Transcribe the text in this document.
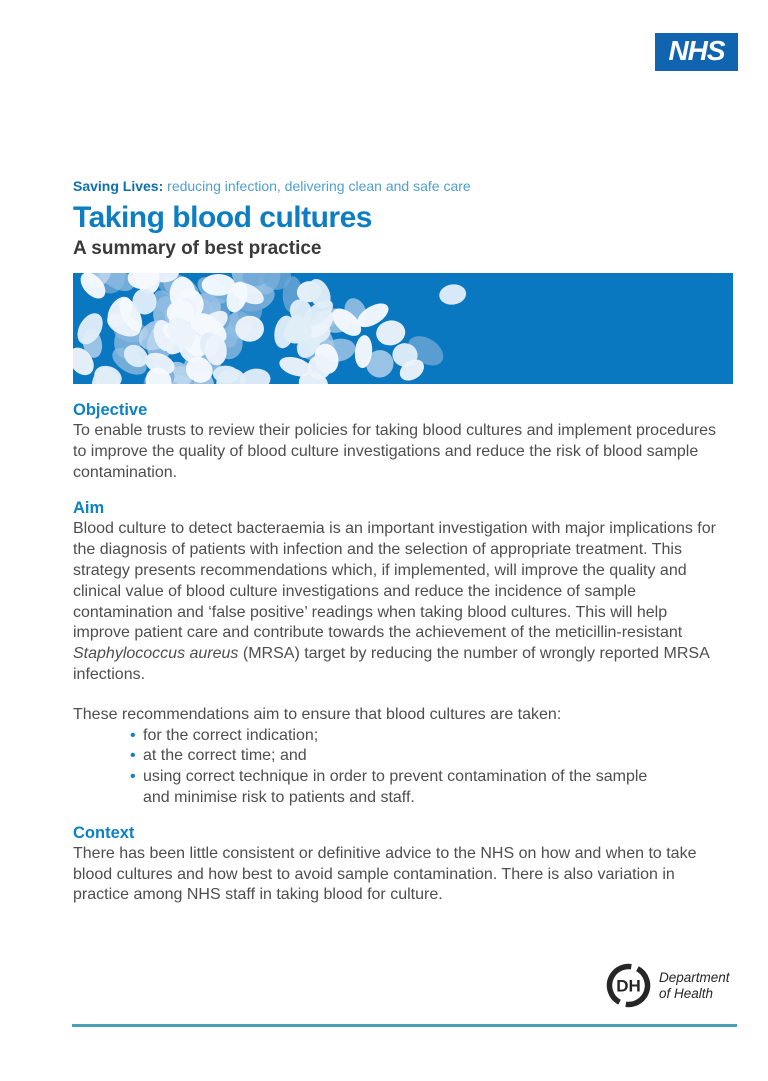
NHS
Saving Lives: reducing infection, delivering clean and safe care
Taking blood cultures
A summary of best practice
Objective

To enable trusts to review their policies for taking blood cultures and implement procedures to improve the quality of blood culture investigations and reduce the risk of blood sample contamination.

Aim

Blood culture to detect bacteraemia is an important investigation with major implications for the diagnosis of patients with infection and the selection of appropriate treatment. This strategy presents recommendations which, if implemented, will improve the quality and clinical value of blood culture investigations and reduce the incidence of sample contamination and ‘false positive’ readings when taking blood cultures. This will help improve patient care and contribute towards the achievement of the meticillin-resistant Staphylococcus aureus (MRSA) target by reducing the number of wrongly reported MRSA infections.

These recommendations aim to ensure that blood cultures are taken:

• for the correct indication;
• at the correct time; and
• using correct technique in order to prevent contamination of the sample and minimise risk to patients and staff.
Context

There has been little consistent or definitive advice to the NHS on how and when to take blood cultures and how best to avoid sample contamination. There is also variation in practice among NHS staff in taking blood for culture.

DH Department
of Health
